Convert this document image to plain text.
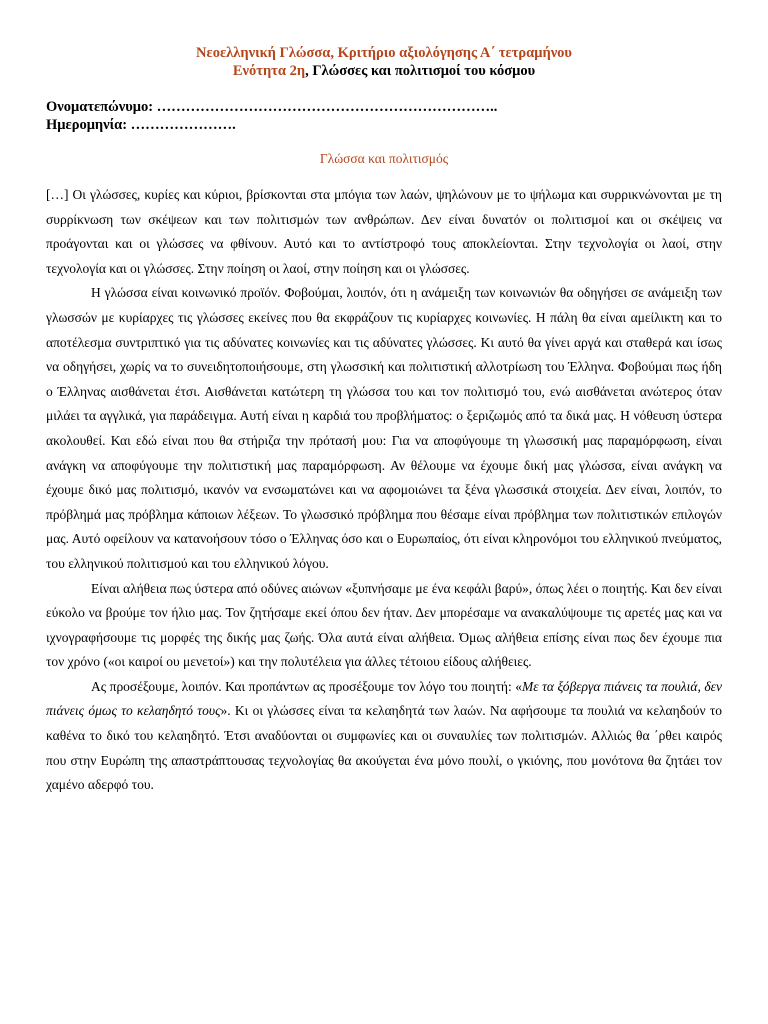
Νεοελληνική Γλώσσα, Κριτήριο αξιολόγησης Α΄ τετραμήνου
Ενότητα 2η, Γλώσσες και πολιτισμοί του κόσμου
Ονοματεπώνυμο: ……………………………………………………………..
Ημερομηνία: ………………….
Γλώσσα και πολιτισμός

[…] Οι γλώσσες, κυρίες και κύριοι, βρίσκονται στα μπόγια των λαών, ψηλώνουν με το ψήλωμα και συρρικνώνονται με τη συρρίκνωση των σκέψεων και των πολιτισμών των ανθρώπων. Δεν είναι δυνατόν οι πολιτισμοί και οι σκέψεις να προάγονται και οι γλώσσες να φθίνουν. Αυτό και το αντίστροφό τους αποκλείονται. Στην τεχνολογία οι λαοί, στην τεχνολογία και οι γλώσσες. Στην ποίηση οι λαοί, στην ποίηση και οι γλώσσες.

Η γλώσσα είναι κοινωνικό προϊόν. Φοβούμαι, λοιπόν, ότι η ανάμειξη των κοινωνιών θα οδηγήσει σε ανάμειξη των γλωσσών με κυρίαρχες τις γλώσσες εκείνες που θα εκφράζουν τις κυρίαρχες κοινωνίες. Η πάλη θα είναι αμείλικτη και το αποτέλεσμα συντριπτικό για τις αδύνατες κοινωνίες και τις αδύνατες γλώσσες. Κι αυτό θα γίνει αργά και σταθερά και ίσως να οδηγήσει, χωρίς να το συνειδητοποιήσουμε, στη γλωσσική και πολιτιστική αλλοτρίωση του Έλληνα. Φοβούμαι πως ήδη ο Έλληνας αισθάνεται έτσι. Αισθάνεται κατώτερη τη γλώσσα του και τον πολιτισμό του, ενώ αισθάνεται ανώτερος όταν μιλάει τα αγγλικά, για παράδειγμα. Αυτή είναι η καρδιά του προβλήματος: ο ξεριζωμός από τα δικά μας. Η νόθευση ύστερα ακολουθεί. Και εδώ είναι που θα στήριζα την πρότασή μου: Για να αποφύγουμε τη γλωσσική μας παραμόρφωση, είναι ανάγκη να αποφύγουμε την πολιτιστική μας παραμόρφωση. Αν θέλουμε να έχουμε δική μας γλώσσα, είναι ανάγκη να έχουμε δικό μας πολιτισμό, ικανόν να ενσωματώνει και να αφομοιώνει τα ξένα γλωσσικά στοιχεία. Δεν είναι, λοιπόν, το πρόβλημά μας πρόβλημα κάποιων λέξεων. Το γλωσσικό πρόβλημα που θέσαμε είναι πρόβλημα των πολιτιστικών επιλογών μας. Αυτό οφείλουν να κατανοήσουν τόσο ο Έλληνας όσο και ο Ευρωπαίος, ότι είναι κληρονόμοι του ελληνικού πνεύματος, του ελληνικού πολιτισμού και του ελληνικού λόγου.

Είναι αλήθεια πως ύστερα από οδύνες αιώνων «ξυπνήσαμε με ένα κεφάλι βαρύ», όπως λέει ο ποιητής. Και δεν είναι εύκολο να βρούμε τον ήλιο μας. Τον ζητήσαμε εκεί όπου δεν ήταν. Δεν μπορέσαμε να ανακαλύψουμε τις αρετές μας και να ιχνογραφήσουμε τις μορφές της δικής μας ζωής. Όλα αυτά είναι αλήθεια. Όμως αλήθεια επίσης είναι πως δεν έχουμε πια τον χρόνο («οι καιροί ου μενετοί») και την πολυτέλεια για άλλες τέτοιου είδους αλήθειες.

Ας προσέξουμε, λοιπόν. Και προπάντων ας προσέξουμε τον λόγο του ποιητή: «Με τα ξόβεργα πιάνεις τα πουλιά, δεν πιάνεις όμως το κελαηδητό τους». Κι οι γλώσσες είναι τα κελαηδητά των λαών. Να αφήσουμε τα πουλιά να κελαηδούν το καθένα το δικό του κελαηδητό. Έτσι αναδύονται οι συμφωνίες και οι συναυλίες των πολιτισμών. Αλλιώς θα ΄ρθει καιρός που στην Ευρώπη της απαστράπτουσας τεχνολογίας θα ακούγεται ένα μόνο πουλί, ο γκιόνης, που μονότονα θα ζητάει τον χαμένο αδερφό του.
